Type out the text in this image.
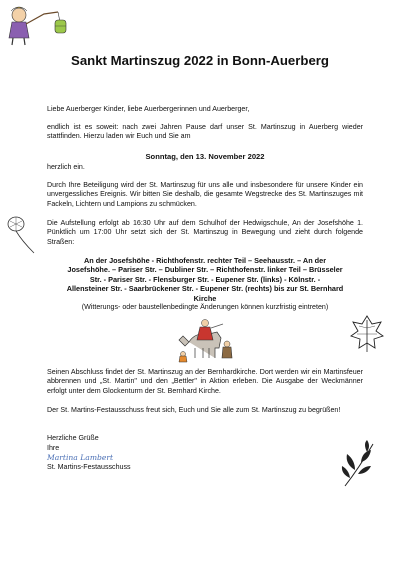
Sankt Martinszug 2022 in Bonn-Auerberg
Liebe Auerberger Kinder, liebe Auerbergerinnen und Auerberger,
endlich ist es soweit: nach zwei Jahren Pause darf unser St. Martinszug in Auerberg wieder stattfinden. Hierzu laden wir Euch und Sie am
Sonntag, den 13. November 2022
herzlich ein.
Durch Ihre Beteiligung wird der St. Martinszug für uns alle und insbesondere für unsere Kinder ein unvergessliches Ereignis. Wir bitten Sie deshalb, die gesamte Wegstrecke des St. Martinszuges mit Fackeln, Lichtern und Lampions zu schmücken.
Die Aufstellung erfolgt ab 16:30 Uhr auf dem Schulhof der Hedwigschule, An der Josefshöhe 1. Pünktlich um 17:00 Uhr setzt sich der St. Martinszug in Bewegung und zieht durch folgende Straßen:
An der Josefshöhe - Richthofenstr. rechter Teil – Seehausstr. – An der
Josefshöhe. – Pariser Str. – Dubliner Str. – Richthofenstr. linker Teil – Brüsseler
Str. - Pariser Str. - Flensburger Str. - Eupener Str. (links) - Kölnstr. -
Allensteiner Str. - Saarbrückener Str. - Eupener Str. (rechts) bis zur St. Bernhard
Kirche
(Witterungs- oder baustellenbedingte Änderungen können kurzfristig eintreten)
Seinen Abschluss findet der St. Martinszug an der Bernhardkirche. Dort werden wir ein Martinsfeuer abbrennen und „St. Martin" und den „Bettler" in Aktion erleben. Die Ausgabe der Weckmänner erfolgt unter dem Glockenturm der St. Bernhard Kirche.
Der St. Martins-Festausschuss freut sich, Euch und Sie alle zum St. Martinszug zu begrüßen!
Herzliche Grüße
Ihre
Martina Lambert
St. Martins-Festausschuss
